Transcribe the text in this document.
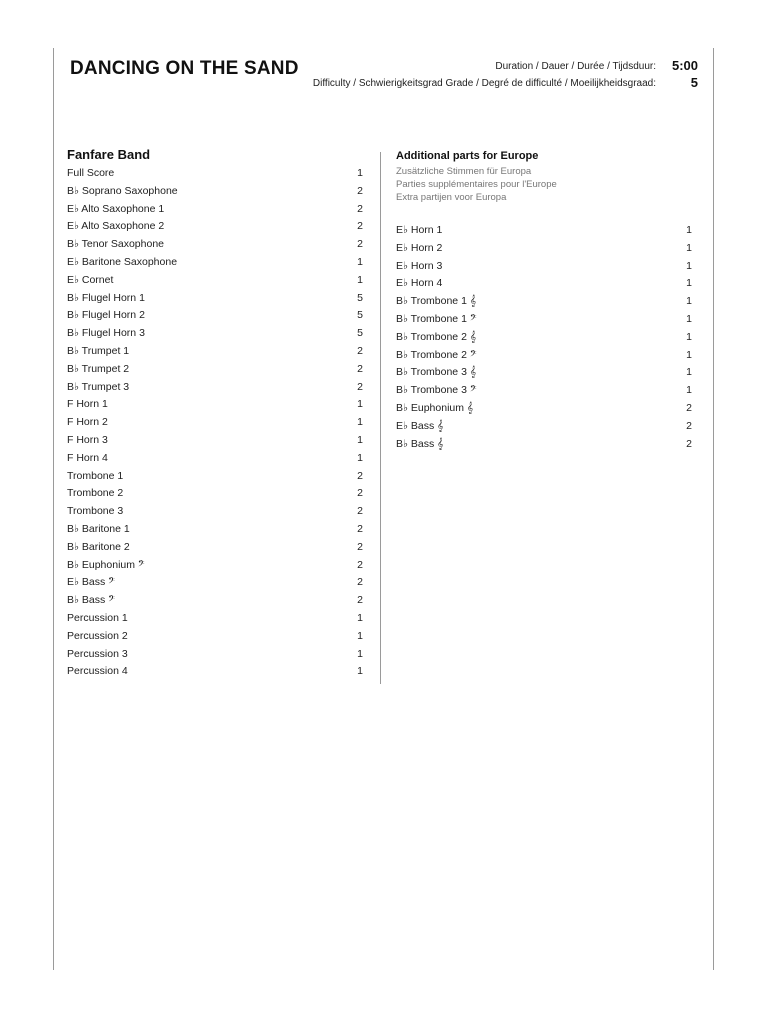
DANCING ON THE SAND	Duration / Dauer / Durée / Tijdsduur:	5:00
Difficulty / Schwierigkeitsgrad Grade / Degré de difficulté / Moeilijkheidsgraad:	5
Fanfare Band
Full Score	1
B♭ Soprano Saxophone	2
E♭ Alto Saxophone 1	2
E♭ Alto Saxophone 2	2
B♭ Tenor Saxophone	2
E♭ Baritone Saxophone	1
E♭ Cornet	1
B♭ Flugel Horn 1	5
B♭ Flugel Horn 2	5
B♭ Flugel Horn 3	5
B♭ Trumpet 1	2
B♭ Trumpet 2	2
B♭ Trumpet 3	2
F Horn 1	1
F Horn 2	1
F Horn 3	1
F Horn 4	1
Trombone 1	2
Trombone 2	2
Trombone 3	2
B♭ Baritone 1	2
B♭ Baritone 2	2
B♭ Euphonium 𝄢	2
E♭ Bass 𝄢	2
B♭ Bass 𝄢	2
Percussion 1	1
Percussion 2	1
Percussion 3	1
Percussion 4	1
Additional parts for Europe
Zusätzliche Stimmen für Europa
Parties supplémentaires pour l'Europe
Extra partijen voor Europa
E♭ Horn 1	1
E♭ Horn 2	1
E♭ Horn 3	1
E♭ Horn 4	1
B♭ Trombone 1 𝄞	1
B♭ Trombone 1 𝄢	1
B♭ Trombone 2 𝄞	1
B♭ Trombone 2 𝄢	1
B♭ Trombone 3 𝄞	1
B♭ Trombone 3 𝄢	1
B♭ Euphonium 𝄞	2
E♭ Bass 𝄞	2
B♭ Bass 𝄞	2
